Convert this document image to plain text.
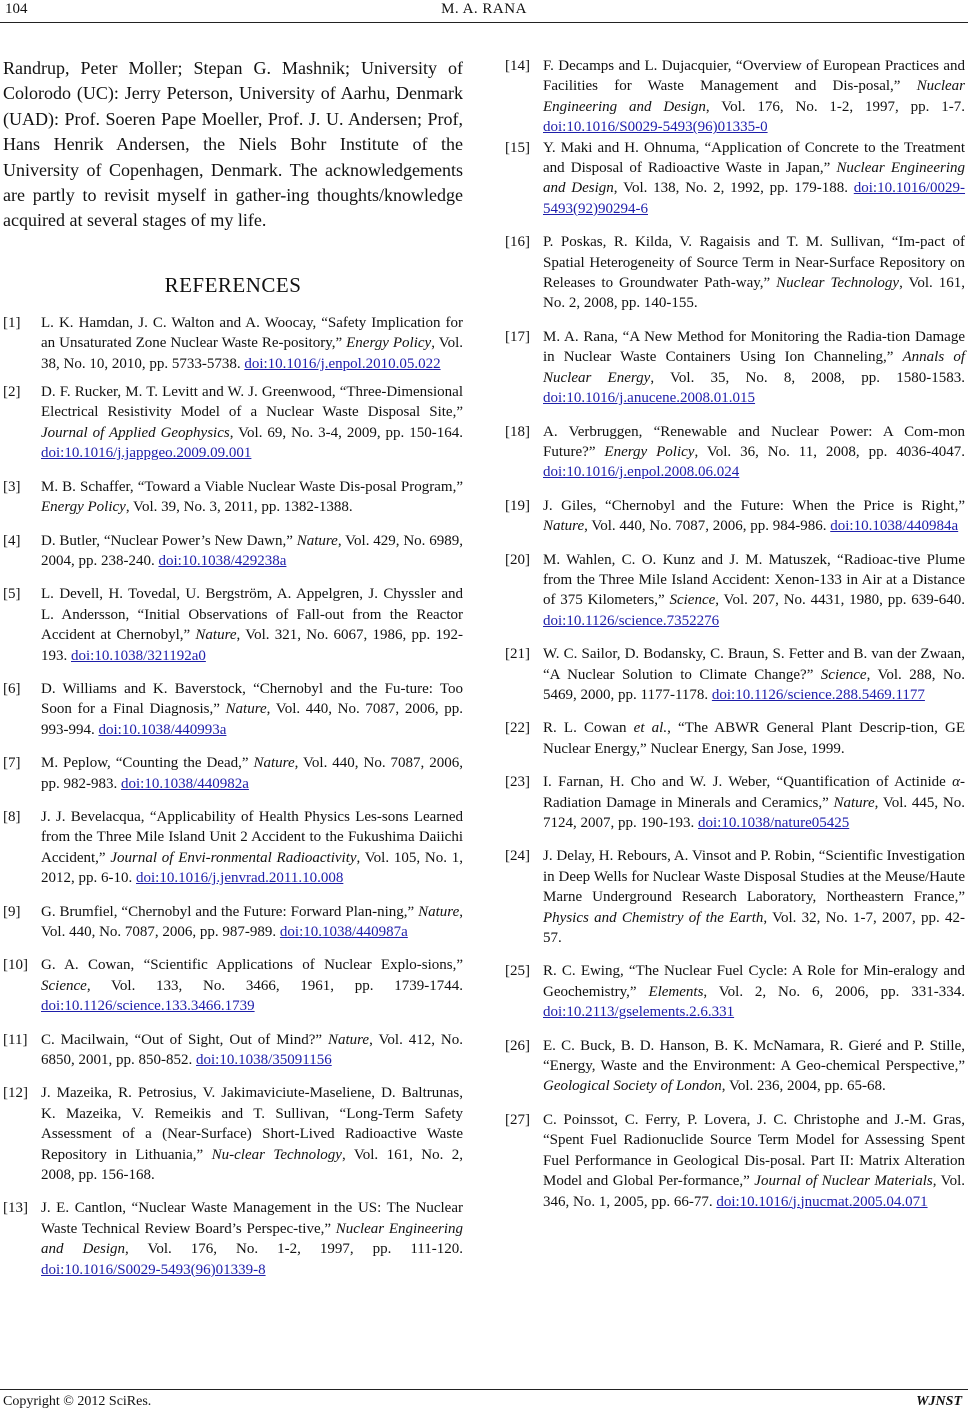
104	M. A. RANA

Randrup, Peter Moller; Stepan G. Mashnik; University of Colorodo (UC): Jerry Peterson, University of Aarhu, Denmark (UAD): Prof. Soeren Pape Moeller, Prof. J. U. Andersen; Prof, Hans Henrik Andersen, the Niels Bohr Institute of the University of Copenhagen, Denmark. The acknowledgements are partly to revisit myself in gather-ing thoughts/knowledge acquired at several stages of my life.

REFERENCES
[1]	L. K. Hamdan, J. C. Walton and A. Woocay, “Safety Implication for an Unsaturated Zone Nuclear Waste Re-pository,” Energy Policy, Vol. 38, No. 10, 2010, pp. 5733-5738. doi:10.1016/j.enpol.2010.05.022
[2]	D. F. Rucker, M. T. Levitt and W. J. Greenwood, “Three-Dimensional Electrical Resistivity Model of a Nuclear Waste Disposal Site,” Journal of Applied Geophysics, Vol. 69, No. 3-4, 2009, pp. 150-164. doi:10.1016/j.jappgeo.2009.09.001
[3]	M. B. Schaffer, “Toward a Viable Nuclear Waste Dis-posal Program,” Energy Policy, Vol. 39, No. 3, 2011, pp. 1382-1388.
[4]	D. Butler, “Nuclear Power’s New Dawn,” Nature, Vol. 429, No. 6989, 2004, pp. 238-240. doi:10.1038/429238a
[5]	L. Devell, H. Tovedal, U. Bergström, A. Appelgren, J. Chyssler and L. Andersson, “Initial Observations of Fall-out from the Reactor Accident at Chernobyl,” Nature, Vol. 321, No. 6067, 1986, pp. 192-193. doi:10.1038/321192a0
[6]	D. Williams and K. Baverstock, “Chernobyl and the Fu-ture: Too Soon for a Final Diagnosis,” Nature, Vol. 440, No. 7087, 2006, pp. 993-994. doi:10.1038/440993a
[7]	M. Peplow, “Counting the Dead,” Nature, Vol. 440, No. 7087, 2006, pp. 982-983. doi:10.1038/440982a
[8]	J. J. Bevelacqua, “Applicability of Health Physics Les-sons Learned from the Three Mile Island Unit 2 Accident to the Fukushima Daiichi Accident,” Journal of Envi-ronmental Radioactivity, Vol. 105, No. 1, 2012, pp. 6-10. doi:10.1016/j.jenvrad.2011.10.008
[9]	G. Brumfiel, “Chernobyl and the Future: Forward Plan-ning,” Nature, Vol. 440, No. 7087, 2006, pp. 987-989. doi:10.1038/440987a
[10] G. A. Cowan, “Scientific Applications of Nuclear Explo-sions,” Science, Vol. 133, No. 3466, 1961, pp. 1739-1744. doi:10.1126/science.133.3466.1739
[11] C. Macilwain, “Out of Sight, Out of Mind?” Nature, Vol. 412, No. 6850, 2001, pp. 850-852. doi:10.1038/35091156
[12] J. Mazeika, R. Petrosius, V. Jakimaviciute-Maseliene, D. Baltrunas, K. Mazeika, V. Remeikis and T. Sullivan, “Long-Term Safety Assessment of a (Near-Surface) Short-Lived Radioactive Waste Repository in Lithuania,” Nu-clear Technology, Vol. 161, No. 2, 2008, pp. 156-168.
[13] J. E. Cantlon, “Nuclear Waste Management in the US: The Nuclear Waste Technical Review Board’s Perspec-tive,” Nuclear Engineering and Design, Vol. 176, No. 1-2, 1997, pp. 111-120. doi:10.1016/S0029-5493(96)01339-8
[14] F. Decamps and L. Dujacquier, “Overview of European Practices and Facilities for Waste Management and Dis-posal,” Nuclear Engineering and Design, Vol. 176, No. 1-2, 1997, pp. 1-7. doi:10.1016/S0029-5493(96)01335-0
[15] Y. Maki and H. Ohnuma, “Application of Concrete to the Treatment and Disposal of Radioactive Waste in Japan,” Nuclear Engineering and Design, Vol. 138, No. 2, 1992, pp. 179-188. doi:10.1016/0029-5493(92)90294-6
[16] P. Poskas, R. Kilda, V. Ragaisis and T. M. Sullivan, “Im-pact of Spatial Heterogeneity of Source Term in Near-Surface Repository on Releases to Groundwater Path-way,” Nuclear Technology, Vol. 161, No. 2, 2008, pp. 140-155.
[17] M. A. Rana, “A New Method for Monitoring the Radia-tion Damage in Nuclear Waste Containers Using Ion Channeling,” Annals of Nuclear Energy, Vol. 35, No. 8, 2008, pp. 1580-1583. doi:10.1016/j.anucene.2008.01.015
[18] A. Verbruggen, “Renewable and Nuclear Power: A Com-mon Future?” Energy Policy, Vol. 36, No. 11, 2008, pp. 4036-4047. doi:10.1016/j.enpol.2008.06.024
[19] J. Giles, “Chernobyl and the Future: When the Price is Right,” Nature, Vol. 440, No. 7087, 2006, pp. 984-986. doi:10.1038/440984a
[20] M. Wahlen, C. O. Kunz and J. M. Matuszek, “Radioac-tive Plume from the Three Mile Island Accident: Xenon-133 in Air at a Distance of 375 Kilometers,” Science, Vol. 207, No. 4431, 1980, pp. 639-640. doi:10.1126/science.7352276
[21] W. C. Sailor, D. Bodansky, C. Braun, S. Fetter and B. van der Zwaan, “A Nuclear Solution to Climate Change?” Science, Vol. 288, No. 5469, 2000, pp. 1177-1178. doi:10.1126/science.288.5469.1177
[22] R. L. Cowan et al., “The ABWR General Plant Descrip-tion, GE Nuclear Energy,” Nuclear Energy, San Jose, 1999.
[23] I. Farnan, H. Cho and W. J. Weber, “Quantification of Actinide α-Radiation Damage in Minerals and Ceramics,” Nature, Vol. 445, No. 7124, 2007, pp. 190-193. doi:10.1038/nature05425
[24] J. Delay, H. Rebours, A. Vinsot and P. Robin, “Scientific Investigation in Deep Wells for Nuclear Waste Disposal Studies at the Meuse/Haute Marne Underground Research Laboratory, Northeastern France,” Physics and Chemistry of the Earth, Vol. 32, No. 1-7, 2007, pp. 42-57.
[25] R. C. Ewing, “The Nuclear Fuel Cycle: A Role for Min-eralogy and Geochemistry,” Elements, Vol. 2, No. 6, 2006, pp. 331-334. doi:10.2113/gselements.2.6.331
[26] E. C. Buck, B. D. Hanson, B. K. McNamara, R. Gieré and P. Stille, “Energy, Waste and the Environment: A Geo-chemical Perspective,” Geological Society of London, Vol. 236, 2004, pp. 65-68.
[27] C. Poinssot, C. Ferry, P. Lovera, J. C. Christophe and J.-M. Gras, “Spent Fuel Radionuclide Source Term Model for Assessing Spent Fuel Performance in Geological Dis-posal. Part II: Matrix Alteration Model and Global Per-formance,” Journal of Nuclear Materials, Vol. 346, No. 1, 2005, pp. 66-77. doi:10.1016/j.jnucmat.2005.04.071
Copyright © 2012 SciRes.	WJNST
